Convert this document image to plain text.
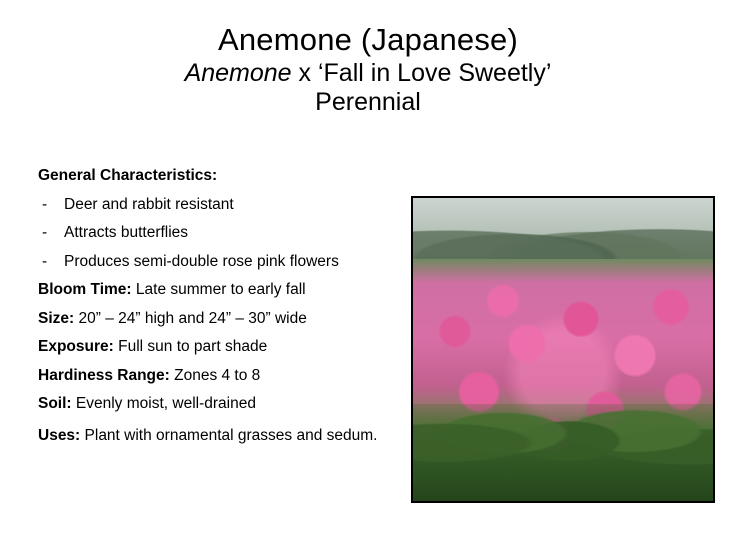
Anemone (Japanese)
Anemone x ‘Fall in Love Sweetly’
Perennial
General Characteristics:
- Deer and rabbit resistant
- Attracts butterflies
- Produces semi-double rose pink flowers
Bloom Time: Late summer to early fall
Size: 20” – 24” high and 24” – 30” wide
Exposure: Full sun to part shade
Hardiness Range: Zones 4 to 8
Soil: Evenly moist, well-drained
Uses: Plant with ornamental grasses and sedum.
